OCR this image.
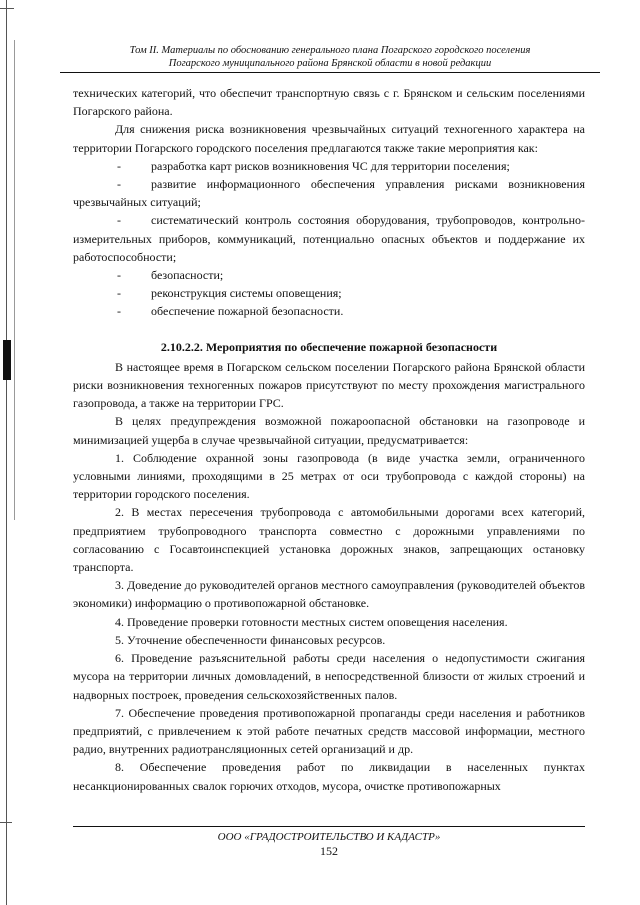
Том II. Материалы по обоснованию генерального плана Погарского городского поселения
Погарского муниципального района Брянской области в новой редакции

технических категорий, что обеспечит транспортную связь с г. Брянском и сельским поселениями Погарского района.

Для снижения риска возникновения чрезвычайных ситуаций техногенного характера на территории Погарского городского поселения предлагаются также такие мероприятия как:

-	разработка карт рисков возникновения ЧС для территории поселения;

-	развитие информационного обеспечения управления рисками возникновения чрезвычайных ситуаций;

-	систематический контроль состояния оборудования, трубопроводов, контрольно-измерительных приборов, коммуникаций, потенциально опасных объектов и поддержание их работоспособности;

-	безопасности;

-	реконструкция системы оповещения;

-	обеспечение пожарной безопасности.

2.10.2.2. Мероприятия по обеспечение пожарной безопасности

В настоящее время в Погарском сельском поселении Погарского района Брянской области риски возникновения техногенных пожаров присутствуют по месту прохождения магистрального газопровода, а также на территории ГРС.

В целях предупреждения возможной пожароопасной обстановки на газопроводе и минимизацией ущерба в случае чрезвычайной ситуации, предусматривается:

1. Соблюдение охранной зоны газопровода (в виде участка земли, ограниченного условными линиями, проходящими в 25 метрах от оси трубопровода с каждой стороны) на территории городского поселения.

2. В местах пересечения трубопровода с автомобильными дорогами всех категорий, предприятием трубопроводного транспорта совместно с дорожными управлениями по согласованию с Госавтоинспекцией установка дорожных знаков, запрещающих остановку транспорта.

3. Доведение до руководителей органов местного самоуправления (руководителей объектов экономики) информацию о противопожарной обстановке.

4. Проведение проверки готовности местных систем оповещения населения.

5. Уточнение обеспеченности финансовых ресурсов.

6. Проведение разъяснительной работы среди населения о недопустимости сжигания мусора на территории личных домовладений, в непосредственной близости от жилых строений и надворных построек, проведения сельскохозяйственных палов.

7. Обеспечение проведения противопожарной пропаганды среди населения и работников предприятий, с привлечением к этой работе печатных средств массовой информации, местного радио, внутренних радиотрансляционных сетей организаций и др.

8. Обеспечение проведения работ по ликвидации в населенных пунктах несанкционированных свалок горючих отходов, мусора, очистке противопожарных

ООО «ГРАДОСТРОИТЕЛЬСТВО И КАДАСТР»
152
